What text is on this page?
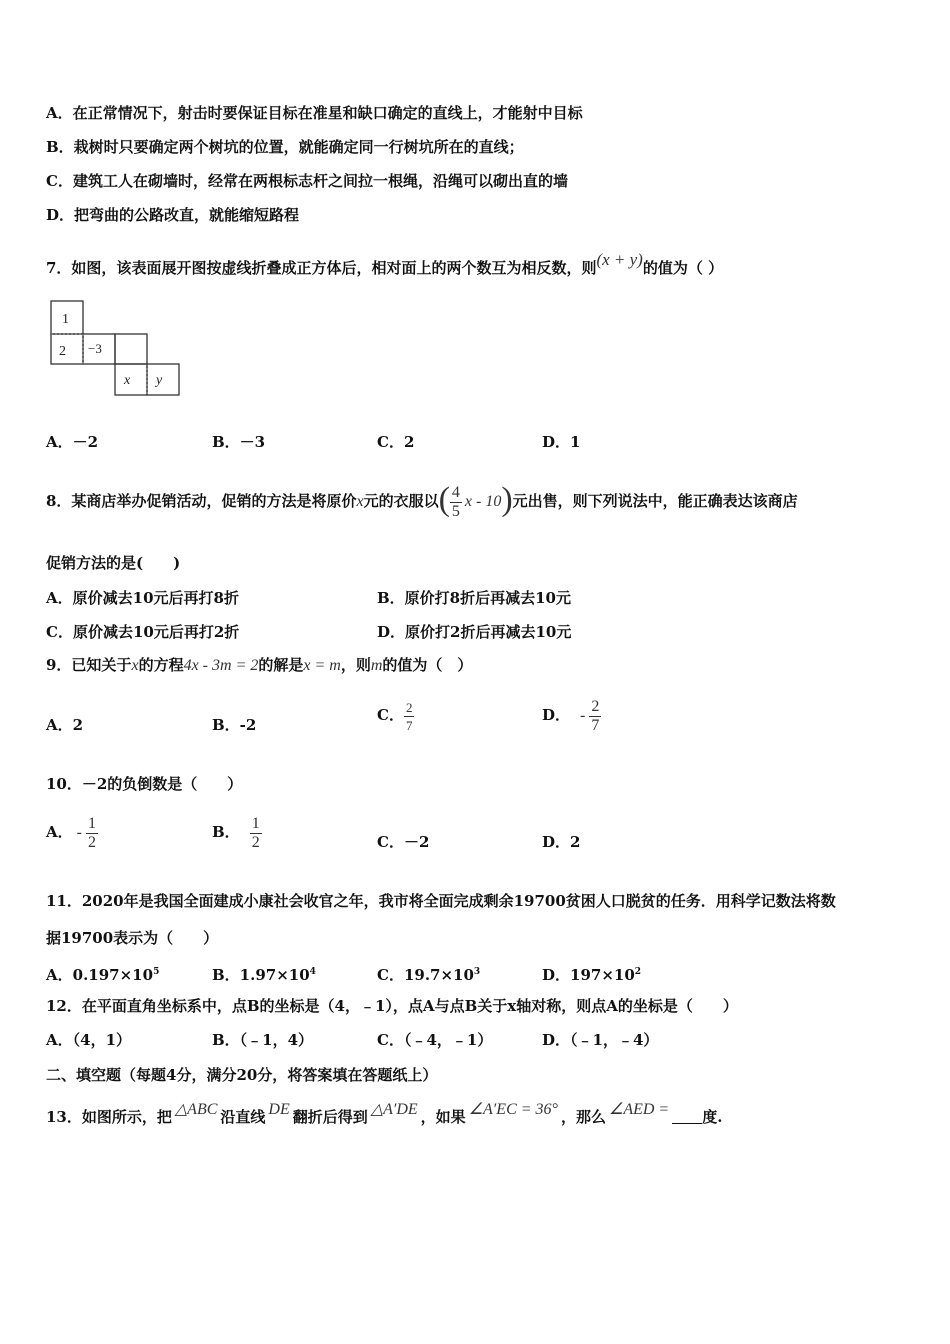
A．在正常情况下，射击时要保证目标在准星和缺口确定的直线上，才能射中目标
B．栽树时只要确定两个树坑的位置，就能确定同一行树坑所在的直线；
C．建筑工人在砌墙时，经常在两根标志杆之间拉一根绳，沿绳可以砌出直的墙
D．把弯曲的公路改直，就能缩短路程
7．如图，该表面展开图按虚线折叠成正方体后，相对面上的两个数互为相反数，则(x + y)的值为（ ）
1
2 −3
x y
A．－2	B．－3	C．2	D．1
8．某商店举办促销活动，促销的方法是将原价x元的衣服以( $\frac{4}{5}$ x - 10)元出售，则下列说法中，能正确表达该商店
促销方法的是(　　)
A．原价减去10元后再打8折	B．原价打8折后再减去10元
C．原价减去10元后再打2折	D．原价打2折后再减去10元
9．已知关于x的方程4x - 3m = 2的解是x = m，则m的值为（　）
A．2	B．-2
C． $\frac{2}{7}$	D． - $\frac{2}{7}$
10．－2的负倒数是（　　）
A． - $\frac{1}{2}$	B． $\frac{1}{2}$	C．－2	D．2
11．2020年是我国全面建成小康社会收官之年，我市将全面完成剩余19700贫困人口脱贫的任务．用科学记数法将数
据19700表示为（　　）
A．$0.197\times 10^5$	B．$1.97\times 10^4$	C．$19.7\times 10^3$	D．$197\times 10^2$
12．在平面直角坐标系中，点B的坐标是（4，﹣1），点A与点B关于x轴对称，则点A的坐标是（　　）
A．（4，1）	B．（﹣1，4）	C．（﹣4，﹣1）	D．（﹣1，﹣4）
二、填空题（每题4分，满分20分，将答案填在答题纸上）
13．如图所示，把 △ABC 沿直线 DE 翻折后得到 △A′DE ，如果 ∠A′EC = 36° ，那么 ∠AED = 度.
